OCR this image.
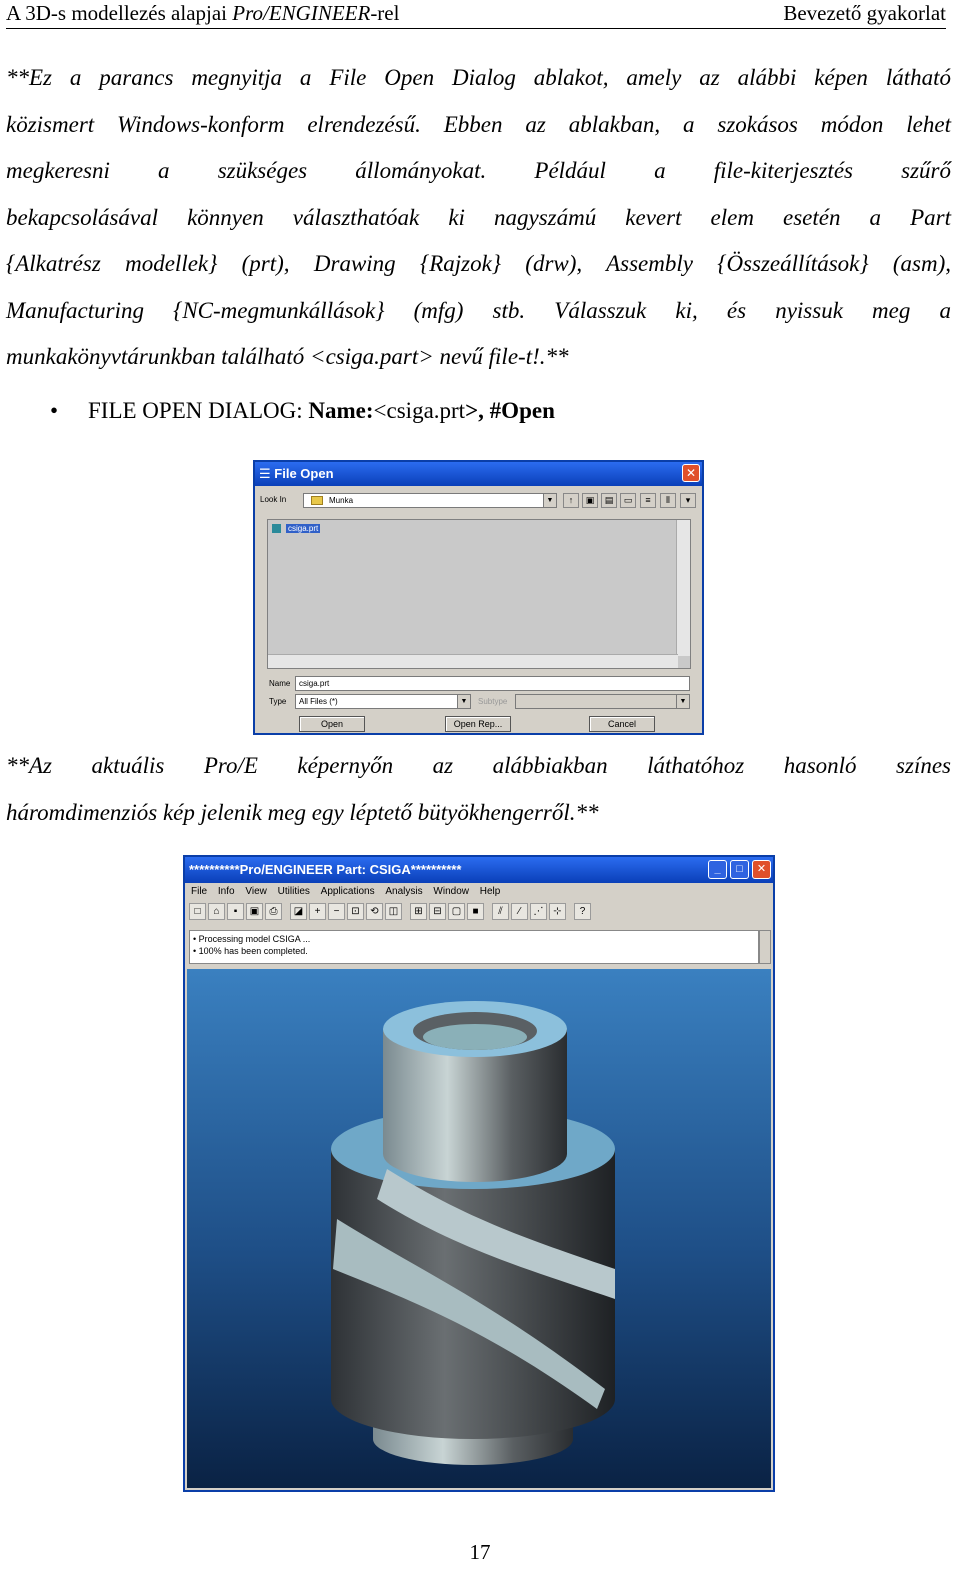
A 3D-s modellezés alapjai Pro/ENGINEER-rel	Bevezető gyakorlat
**Ez a parancs megnyitja a File Open Dialog ablakot, amely az alábbi képen látható
közismert Windows-konform elrendezésű. Ebben az ablakban, a szokásos módon lehet
megkeresni a szükséges állományokat. Például a file-kiterjesztés szűrő
bekapcsolásával könnyen választhatóak ki nagyszámú kevert elem esetén a Part
{Alkatrész modellek} (prt), Drawing {Rajzok} (drw), Assembly {Összeállítások} (asm),
Manufacturing {NC-megmunkállások} (mfg) stb. Válasszuk ki, és nyissuk meg a
munkakönyvtárunkban található <csiga.part> nevű file-t!.**
• FILE OPEN DIALOG: Name:<csiga.prt>, #Open
☰ File Open	✕
Look In	Munka	▼	↑	▣	▤	▭	≡	⦀	▾
csiga.prt
Name	csiga.prt
Type	All Files (*)	▼	Subtype	▼
Open	Open Rep...	Cancel
**Az aktuális Pro/E képernyőn az alábbiakban láthatóhoz hasonló színes
háromdimenziós kép jelenik meg egy léptető bütyökhengerről.**
**********Pro/ENGINEER Part: CSIGA**********	_	□	✕
File Info View Utilities Applications Analysis Window Help
□ ⌂ ▪ ▣ ⎙ ◪ + − ⊡ ⟲ ◫ ⊞ ⊟ ▢ ■ ⫽ ⁄ ⋰ ⊹ ?
• Processing model CSIGA ...
• 100% has been completed.
17
